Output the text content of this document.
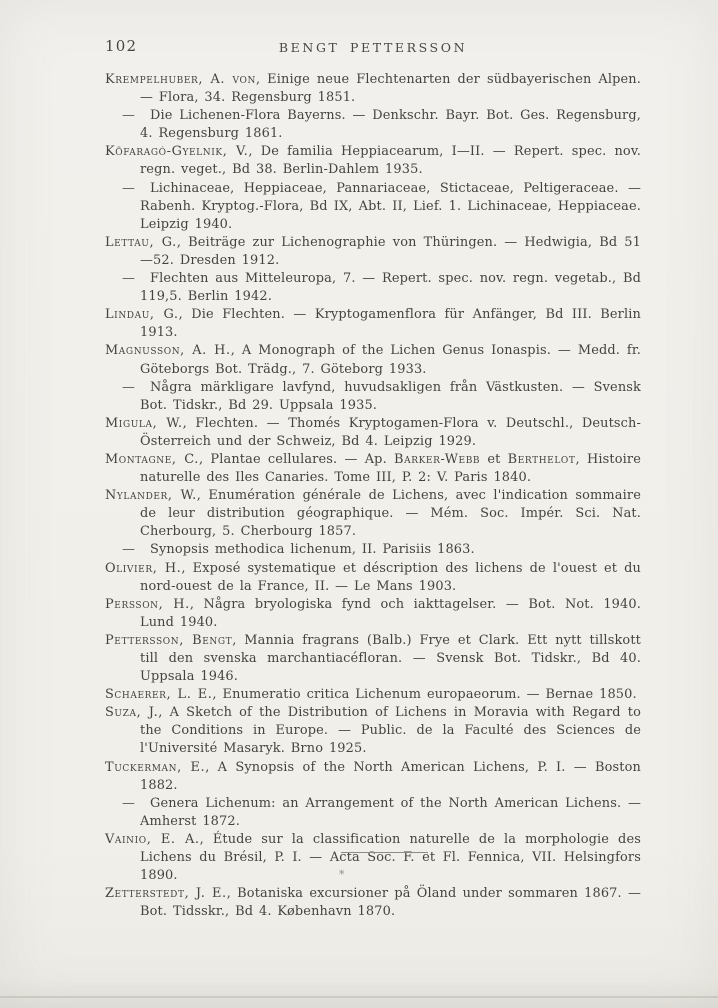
102	BENGT PETTERSSON

Krempelhuber, A. von, Einige neue Flechtenarten der südbayerischen Alpen. — Flora, 34. Regensburg 1851.

— Die Lichenen-Flora Bayerns. — Denkschr. Bayr. Bot. Ges. Regensburg, 4. Regensburg 1861.

Köfaragó-Gyelnik, V., De familia Heppiacearum, I—II. — Repert. spec. nov. regn. veget., Bd 38. Berlin-Dahlem 1935.

— Lichinaceae, Heppiaceae, Pannariaceae, Stictaceae, Peltigeraceae. — Rabenh. Kryptog.-Flora, Bd IX, Abt. II, Lief. 1. Lichinaceae, Heppiaceae. Leipzig 1940.

Lettau, G., Beiträge zur Lichenographie von Thüringen. — Hedwigia, Bd 51—52. Dresden 1912.

— Flechten aus Mitteleuropa, 7. — Repert. spec. nov. regn. vegetab., Bd 119,5. Berlin 1942.

Lindau, G., Die Flechten. — Kryptogamenflora für Anfänger, Bd III. Berlin 1913.

Magnusson, A. H., A Monograph of the Lichen Genus Ionaspis. — Medd. fr. Göteborgs Bot. Trädg., 7. Göteborg 1933.

— Några märkligare lavfynd, huvudsakligen från Västkusten. — Svensk Bot. Tidskr., Bd 29. Uppsala 1935.

Migula, W., Flechten. — Thomés Kryptogamen-Flora v. Deutschl., Deutsch-Österreich und der Schweiz, Bd 4. Leipzig 1929.

Montagne, C., Plantae cellulares. — Ap. Barker-Webb et Berthelot, Histoire naturelle des Iles Canaries. Tome III, P. 2: V. Paris 1840.

Nylander, W., Enumération générale de Lichens, avec l'indication sommaire de leur distribution géographique. — Mém. Soc. Impér. Sci. Nat. Cherbourg, 5. Cherbourg 1857.

— Synopsis methodica lichenum, II. Parisiis 1863.

Olivier, H., Exposé systematique et déscription des lichens de l'ouest et du nord-ouest de la France, II. — Le Mans 1903.

Persson, H., Några bryologiska fynd och iakttagelser. — Bot. Not. 1940. Lund 1940.

Pettersson, Bengt, Mannia fragrans (Balb.) Frye et Clark. Ett nytt tillskott till den svenska marchantiacéfloran. — Svensk Bot. Tidskr., Bd 40. Uppsala 1946.

Schaerer, L. E., Enumeratio critica Lichenum europaeorum. — Bernae 1850.

Suza, J., A Sketch of the Distribution of Lichens in Moravia with Regard to the Conditions in Europe. — Public. de la Faculté des Sciences de l'Université Masaryk. Brno 1925.

Tuckerman, E., A Synopsis of the North American Lichens, P. I. — Boston 1882.

— Genera Lichenum: an Arrangement of the North American Lichens. — Amherst 1872.

Vainio, E. A., Étude sur la classification naturelle de la morphologie des Lichens du Brésil, P. I. — Acta Soc. F. et Fl. Fennica, VII. Helsingfors 1890.

Zetterstedt, J. E., Botaniska excursioner på Öland under sommaren 1867. — Bot. Tidsskr., Bd 4. København 1870.

*
